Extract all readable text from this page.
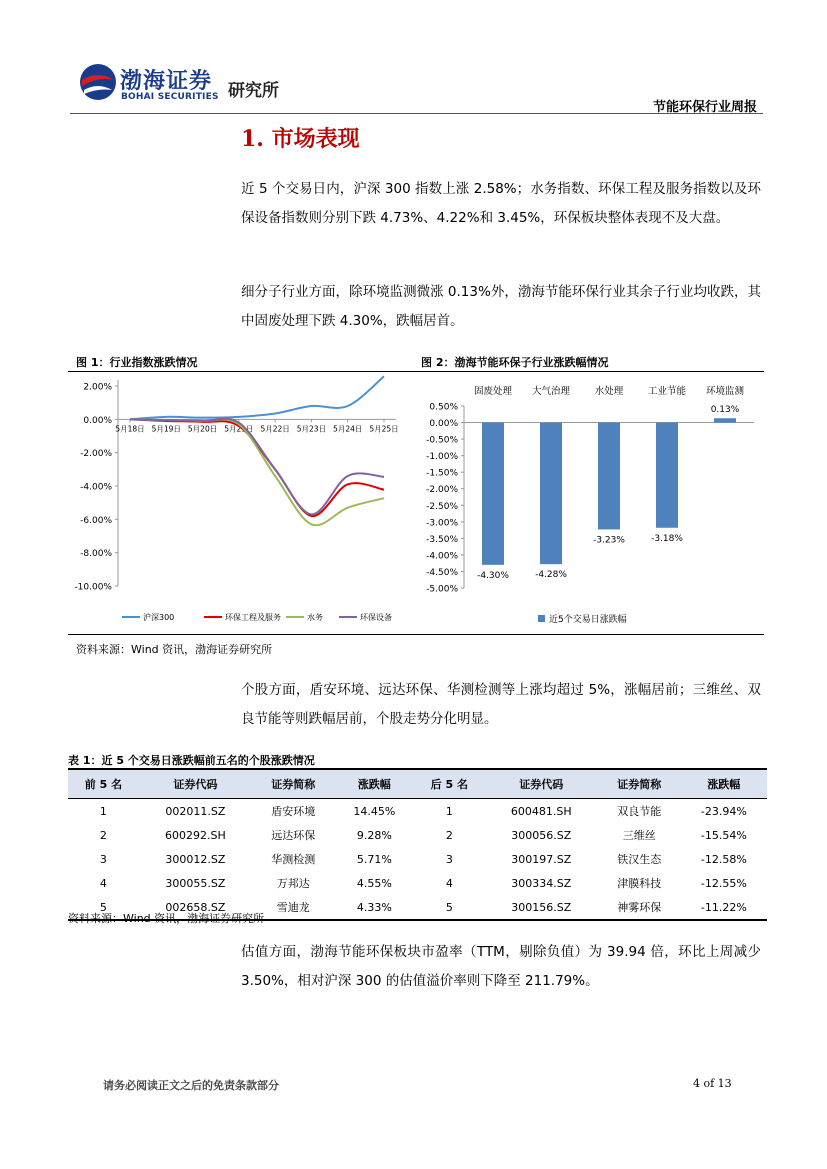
渤海证券
BOHAI SECURITIES 研究所
节能环保行业周报
1. 市场表现
近 5 个交易日内，沪深 300 指数上涨 2.58%；水务指数、环保工程及服务指数以及环保设备指数则分别下跌 4.73%、4.22%和 3.45%，环保板块整体表现不及大盘。
细分子行业方面，除环境监测微涨 0.13%外，渤海节能环保行业其余子行业均收跌，其中固废处理下跌 4.30%，跌幅居首。
图 1：行业指数涨跌情况	图 2：渤海节能环保子行业涨跌幅情况
2.00%
0.00%
-2.00%
-4.00%
-6.00%
-8.00%
-10.00%
5月18日 5月19日 5月20日 5月21日 5月22日 5月23日 5月24日 5月25日
沪深300	环保工程及服务	水务	环保设备
0.50%
0.00%
-0.50%
-1.00%
-1.50%
-2.00%
-2.50%
-3.00%
-3.50%
-4.00%
-4.50%
-5.00%
固废处理
-4.30%
大气治理
-4.28%
水处理
-3.23%
工业节能
-3.18%
环境监测
0.13%
近5个交易日涨跌幅
资料来源：Wind 资讯，渤海证券研究所
个股方面，盾安环境、远达环保、华测检测等上涨均超过 5%，涨幅居前；三维丝、双良节能等则跌幅居前，个股走势分化明显。
表 1：近 5 个交易日涨跌幅前五名的个股涨跌情况
前 5 名	证券代码	证券简称	涨跌幅	后 5 名	证券代码	证券简称	涨跌幅
1	002011.SZ	盾安环境	14.45%	1	600481.SH	双良节能	-23.94%
2	600292.SH	远达环保	9.28%	2	300056.SZ	三维丝	-15.54%
3	300012.SZ	华测检测	5.71%	3	300197.SZ	铁汉生态	-12.58%
4	300055.SZ	万邦达	4.55%	4	300334.SZ	津膜科技	-12.55%
5	002658.SZ	雪迪龙	4.33%	5	300156.SZ	神雾环保	-11.22%
资料来源：Wind 资讯，渤海证券研究所
估值方面，渤海节能环保板块市盈率（TTM，剔除负值）为 39.94 倍，环比上周减少 3.50%，相对沪深 300 的估值溢价率则下降至 211.79%。
请务必阅读正文之后的免责条款部分	4 of 13
